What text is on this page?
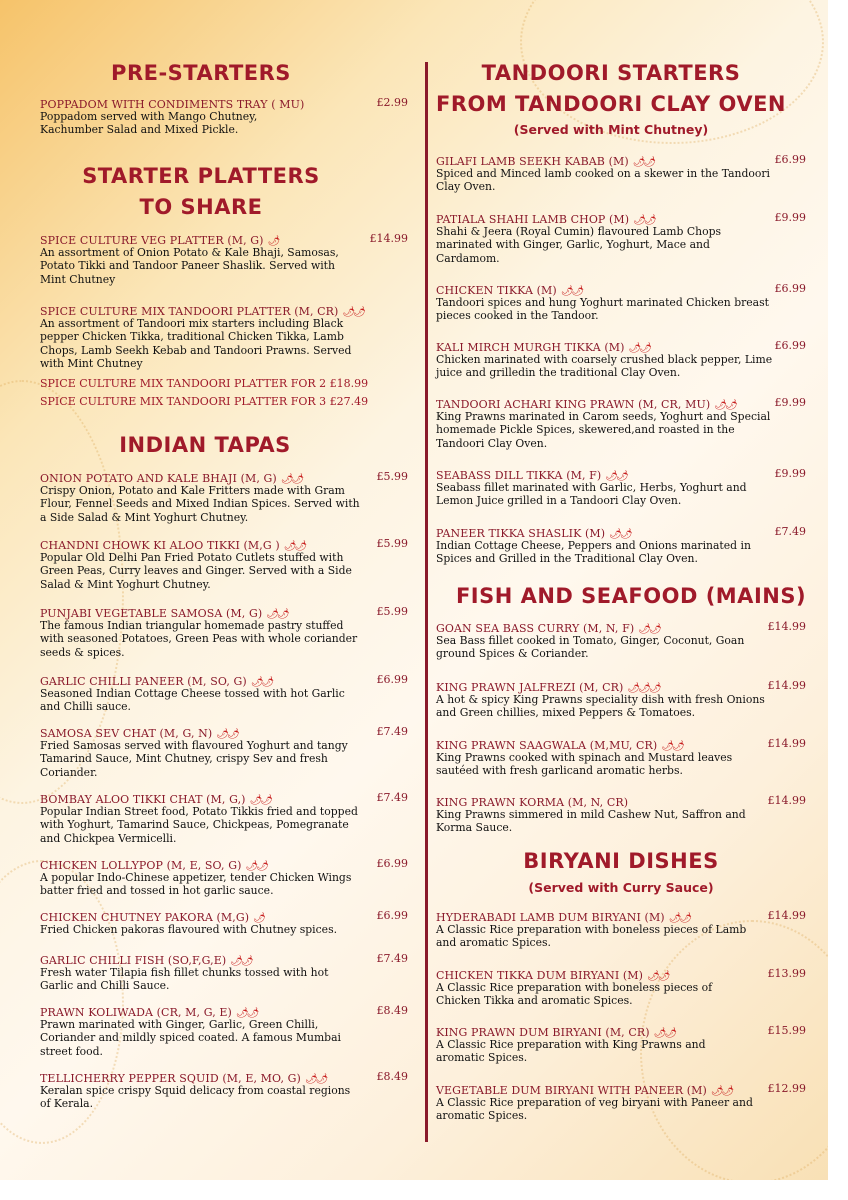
PRE-STARTERS
POPPADOM WITH CONDIMENTS TRAY ( MU)	£2.99
Poppadom served with Mango Chutney, Kachumber Salad and Mixed Pickle.
STARTER PLATTERS
TO SHARE
SPICE CULTURE VEG PLATTER (M, G) 🌶	£14.99
An assortment of Onion Potato & Kale Bhaji, Samosas, Potato Tikki and Tandoor Paneer Shaslik. Served with Mint Chutney
SPICE CULTURE MIX TANDOORI PLATTER (M, CR) 🌶🌶
An assortment of Tandoori mix starters including Black pepper Chicken Tikka, traditional Chicken Tikka, Lamb Chops, Lamb Seekh Kebab and Tandoori Prawns. Served with Mint Chutney
SPICE CULTURE MIX TANDOORI PLATTER FOR 2 £18.99
SPICE CULTURE MIX TANDOORI PLATTER FOR 3 £27.49
INDIAN TAPAS
ONION POTATO AND KALE BHAJI (M, G) 🌶🌶	£5.99
Crispy Onion, Potato and Kale Fritters made with Gram Flour, Fennel Seeds and Mixed Indian Spices. Served with a Side Salad & Mint Yoghurt Chutney.
CHANDNI CHOWK KI ALOO TIKKI (M,G ) 🌶🌶	£5.99
Popular Old Delhi Pan Fried Potato Cutlets stuffed with Green Peas, Curry leaves and Ginger. Served with a Side Salad & Mint Yoghurt Chutney.
PUNJABI VEGETABLE SAMOSA (M, G) 🌶🌶	£5.99
The famous Indian triangular homemade pastry stuffed with seasoned Potatoes, Green Peas with whole coriander seeds & spices.
GARLIC CHILLI PANEER (M, SO, G) 🌶🌶	£6.99
Seasoned Indian Cottage Cheese tossed with hot Garlic and Chilli sauce.
SAMOSA SEV CHAT (M, G, N) 🌶🌶	£7.49
Fried Samosas served with flavoured Yoghurt and tangy Tamarind Sauce, Mint Chutney, crispy Sev and fresh Coriander.
BOMBAY ALOO TIKKI CHAT (M, G,) 🌶🌶	£7.49
Popular Indian Street food, Potato Tikkis fried and topped with Yoghurt, Tamarind Sauce, Chickpeas, Pomegranate and Chickpea Vermicelli.
CHICKEN LOLLYPOP (M, E, SO, G) 🌶🌶	£6.99
A popular Indo-Chinese appetizer, tender Chicken Wings batter fried and tossed in hot garlic sauce.
CHICKEN CHUTNEY PAKORA (M,G) 🌶	£6.99
Fried Chicken pakoras flavoured with Chutney spices.
GARLIC CHILLI FISH (SO,F,G,E) 🌶🌶	£7.49
Fresh water Tilapia fish fillet chunks tossed with hot Garlic and Chilli Sauce.
PRAWN KOLIWADA (CR, M, G, E) 🌶🌶	£8.49
Prawn marinated with Ginger, Garlic, Green Chilli, Coriander and mildly spiced coated. A famous Mumbai street food.
TELLICHERRY PEPPER SQUID (M, E, MO, G) 🌶🌶	£8.49
Keralan spice crispy Squid delicacy from coastal regions of Kerala.
TANDOORI STARTERS
FROM TANDOORI CLAY OVEN
(Served with Mint Chutney)
GILAFI LAMB SEEKH KABAB (M) 🌶🌶	£6.99
Spiced and Minced lamb cooked on a skewer in the Tandoori Clay Oven.
PATIALA SHAHI LAMB CHOP (M) 🌶🌶	£9.99
Shahi & Jeera (Royal Cumin) flavoured Lamb Chops marinated with Ginger, Garlic, Yoghurt, Mace and Cardamom.
CHICKEN TIKKA (M) 🌶🌶	£6.99
Tandoori spices and hung Yoghurt marinated Chicken breast pieces cooked in the Tandoor.
KALI MIRCH MURGH TIKKA (M) 🌶🌶	£6.99
Chicken marinated with coarsely crushed black pepper, Lime juice and grilledin the traditional Clay Oven.
TANDOORI ACHARI KING PRAWN (M, CR, MU) 🌶🌶	£9.99
King Prawns marinated in Carom seeds, Yoghurt and Special homemade Pickle Spices, skewered,and roasted in the Tandoori Clay Oven.
SEABASS DILL TIKKA (M, F) 🌶🌶	£9.99
Seabass fillet marinated with Garlic, Herbs, Yoghurt and Lemon Juice grilled in a Tandoori Clay Oven.
PANEER TIKKA SHASLIK (M) 🌶🌶	£7.49
Indian Cottage Cheese, Peppers and Onions marinated in Spices and Grilled in the Traditional Clay Oven.
FISH AND SEAFOOD (MAINS)
GOAN SEA BASS CURRY (M, N, F) 🌶🌶	£14.99
Sea Bass fillet cooked in Tomato, Ginger, Coconut, Goan ground Spices & Coriander.
KING PRAWN JALFREZI (M, CR) 🌶🌶🌶	£14.99
A hot & spicy King Prawns speciality dish with fresh Onions and Green chillies, mixed Peppers & Tomatoes.
KING PRAWN SAAGWALA (M,MU, CR) 🌶🌶	£14.99
King Prawns cooked with spinach and Mustard leaves sautéed with fresh garlicand aromatic herbs.
KING PRAWN KORMA (M, N, CR)	£14.99
King Prawns simmered in mild Cashew Nut, Saffron and Korma Sauce.
BIRYANI DISHES
(Served with Curry Sauce)
HYDERABADI LAMB DUM BIRYANI (M) 🌶🌶	£14.99
A Classic Rice preparation with boneless pieces of Lamb and aromatic Spices.
CHICKEN TIKKA DUM BIRYANI (M) 🌶🌶	£13.99
A Classic Rice preparation with boneless pieces of Chicken Tikka and aromatic Spices.
KING PRAWN DUM BIRYANI (M, CR) 🌶🌶	£15.99
A Classic Rice preparation with King Prawns and aromatic Spices.
VEGETABLE DUM BIRYANI WITH PANEER (M) 🌶🌶	£12.99
A Classic Rice preparation of veg biryani with Paneer and aromatic Spices.
